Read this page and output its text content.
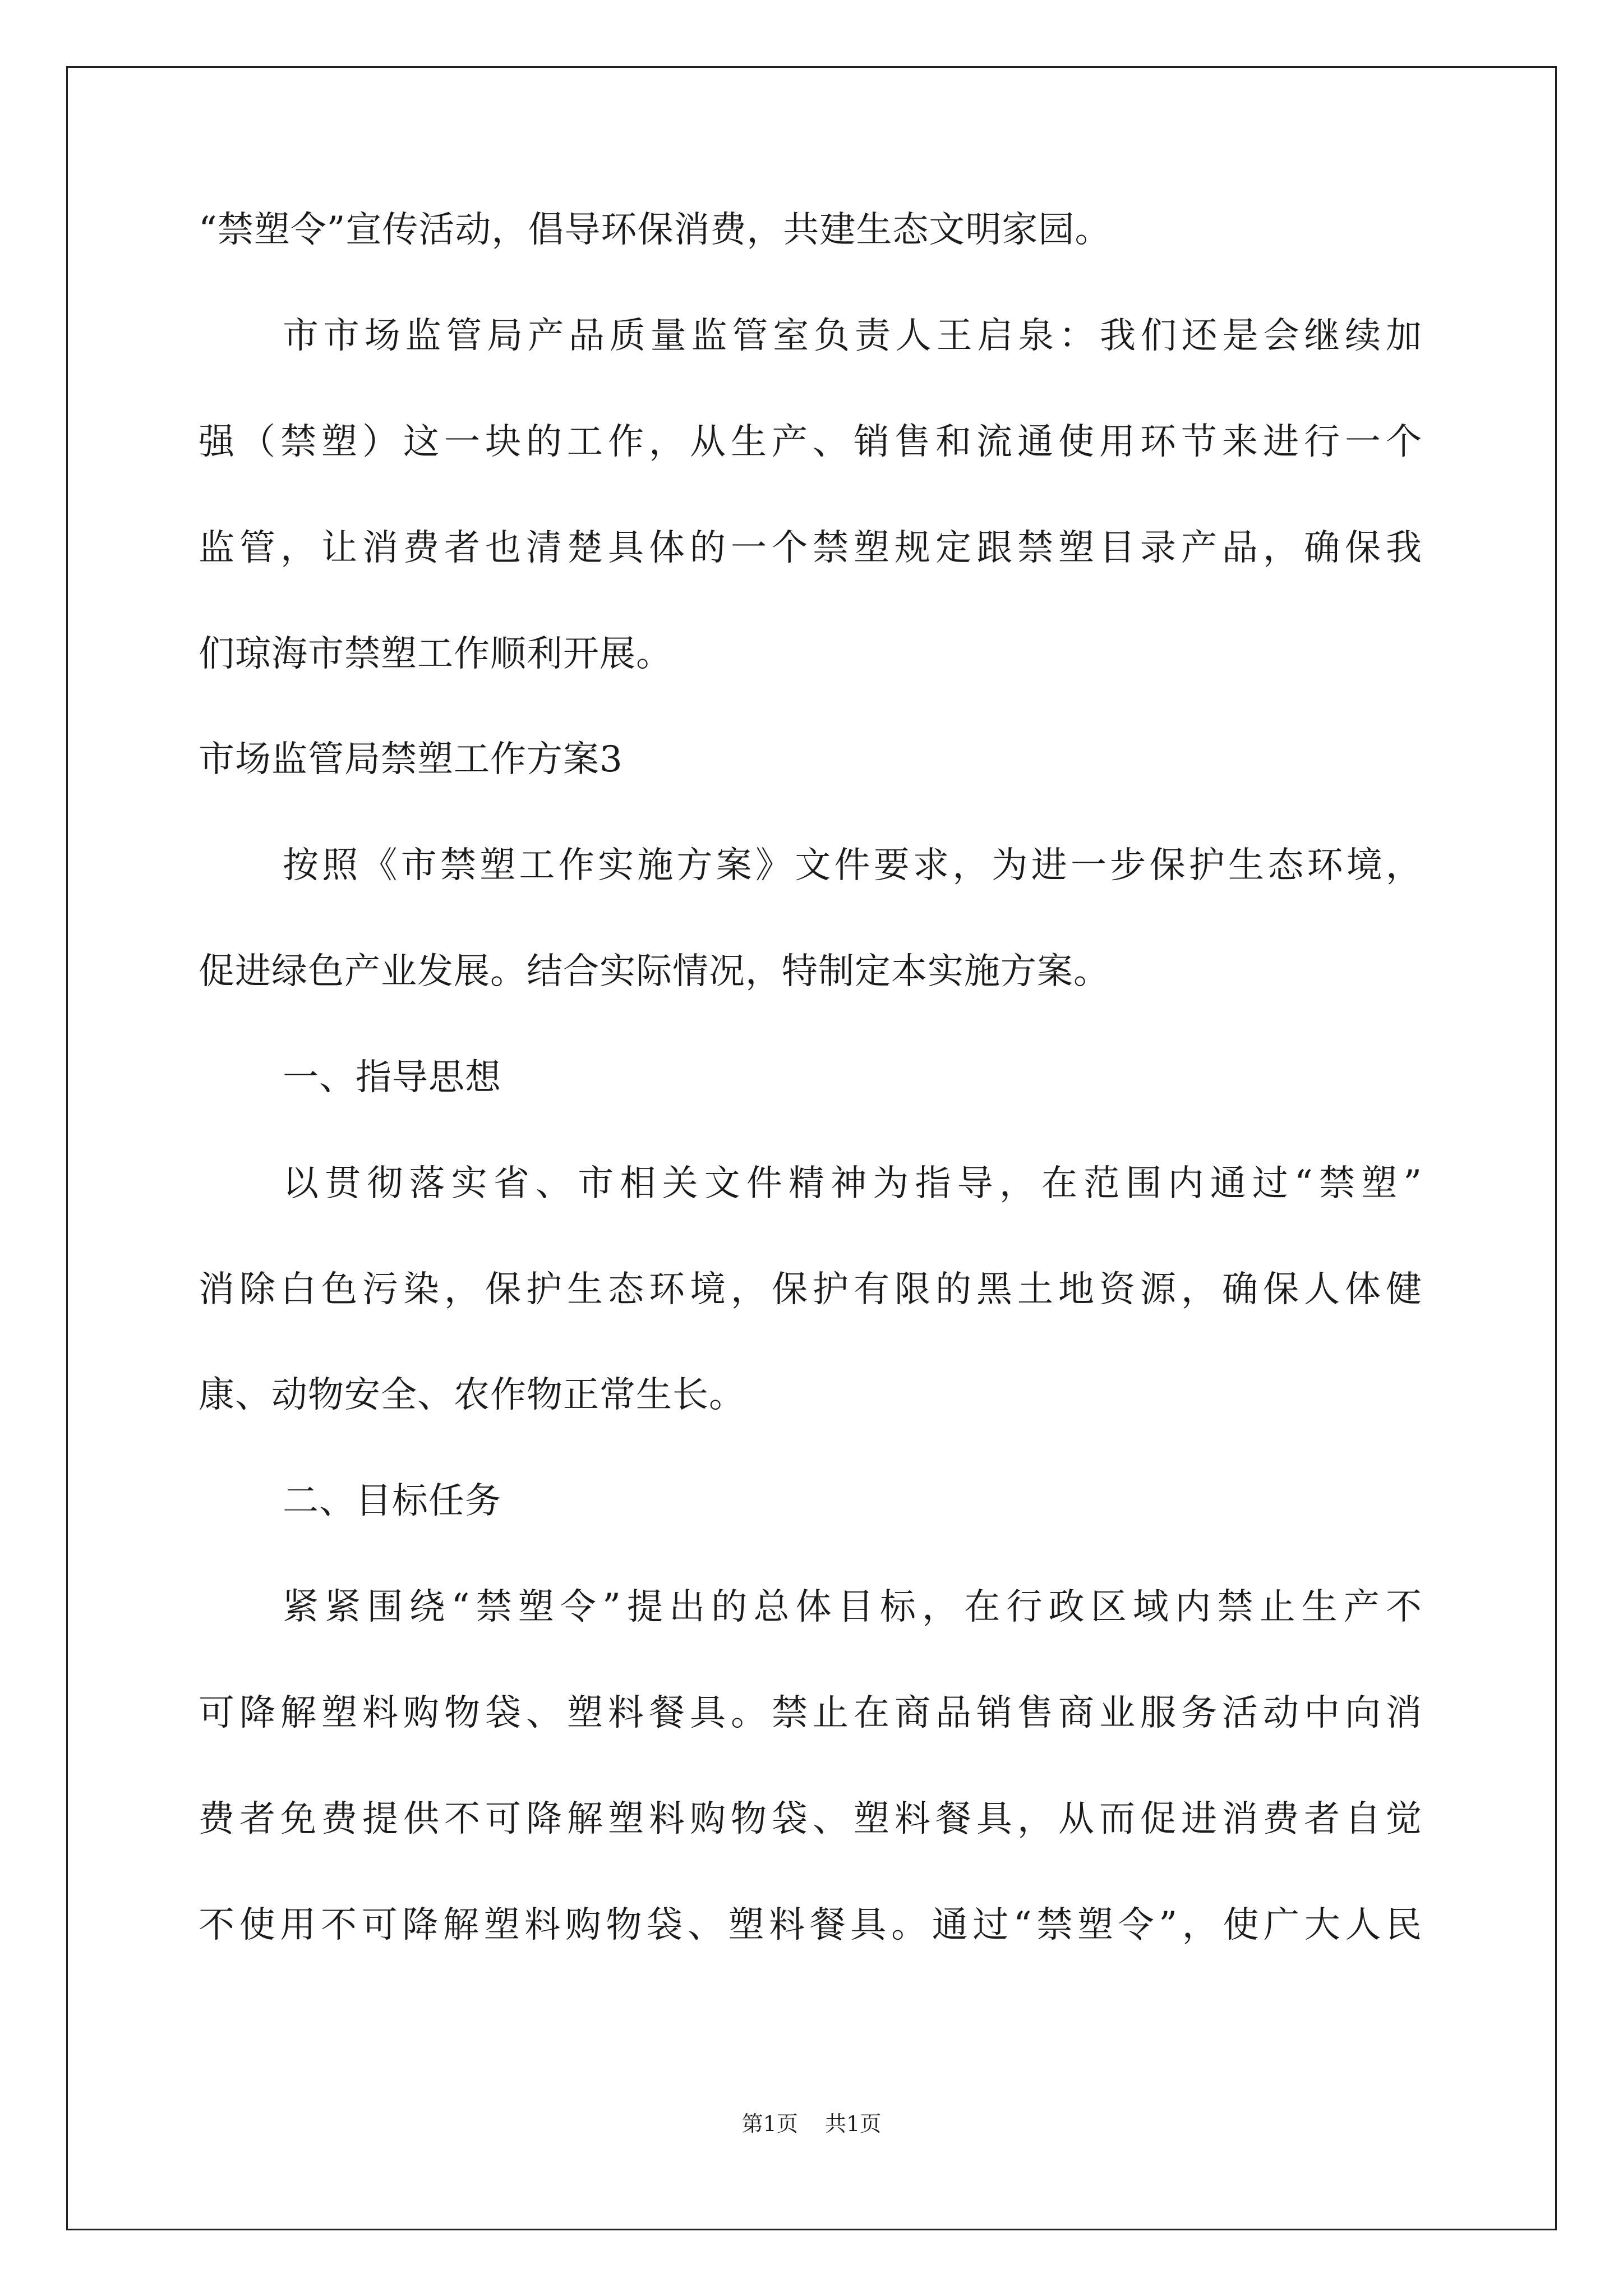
“禁塑令”宣传活动，倡导环保消费，共建生态文明家园。
市市场监管局产品质量监管室负责人王启泉：我们还是会继续加
强（禁塑）这一块的工作，从生产、销售和流通使用环节来进行一个
监管，让消费者也清楚具体的一个禁塑规定跟禁塑目录产品，确保我
们琼海市禁塑工作顺利开展。
市场监管局禁塑工作方案3
按照《市禁塑工作实施方案》文件要求，为进一步保护生态环境，
促进绿色产业发展。结合实际情况，特制定本实施方案。
一、指导思想
以贯彻落实省、市相关文件精神为指导，在范围内通过“禁塑”
消除白色污染，保护生态环境，保护有限的黑土地资源，确保人体健
康、动物安全、农作物正常生长。
二、目标任务
紧紧围绕“禁塑令”提出的总体目标，在行政区域内禁止生产不
可降解塑料购物袋、塑料餐具。禁止在商品销售商业服务活动中向消
费者免费提供不可降解塑料购物袋、塑料餐具，从而促进消费者自觉
不使用不可降解塑料购物袋、塑料餐具。通过“禁塑令”，使广大人民
第1页 共1页
